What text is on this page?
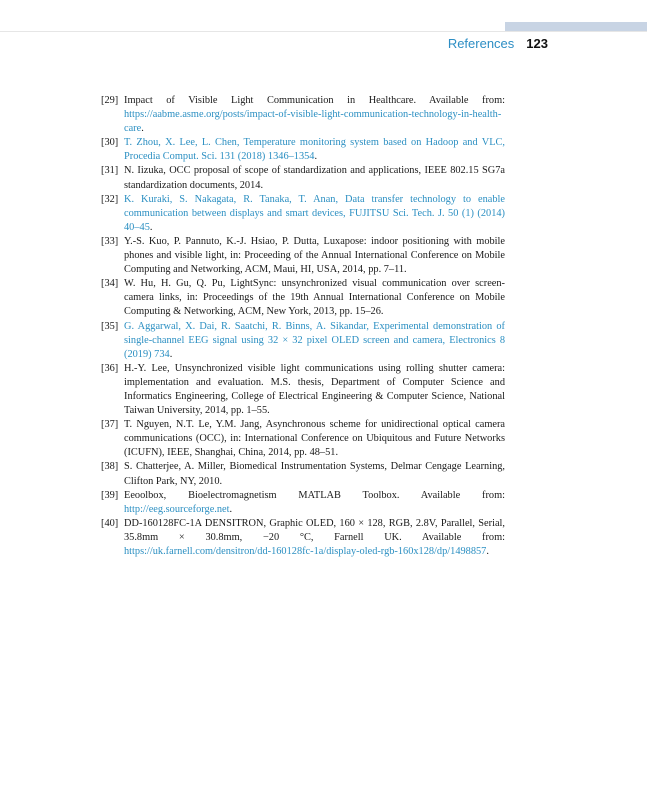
References 123
[29] Impact of Visible Light Communication in Healthcare. Available from: https://aabme.asme.org/posts/impact-of-visible-light-communication-technology-in-health-care.
[30] T. Zhou, X. Lee, L. Chen, Temperature monitoring system based on Hadoop and VLC, Procedia Comput. Sci. 131 (2018) 1346–1354.
[31] N. Iizuka, OCC proposal of scope of standardization and applications, IEEE 802.15 SG7a standardization documents, 2014.
[32] K. Kuraki, S. Nakagata, R. Tanaka, T. Anan, Data transfer technology to enable communication between displays and smart devices, FUJITSU Sci. Tech. J. 50 (1) (2014) 40–45.
[33] Y.-S. Kuo, P. Pannuto, K.-J. Hsiao, P. Dutta, Luxapose: indoor positioning with mobile phones and visible light, in: Proceeding of the Annual International Conference on Mobile Computing and Networking, ACM, Maui, HI, USA, 2014, pp. 7–11.
[34] W. Hu, H. Gu, Q. Pu, LightSync: unsynchronized visual communication over screen-camera links, in: Proceedings of the 19th Annual International Conference on Mobile Computing & Networking, ACM, New York, 2013, pp. 15–26.
[35] G. Aggarwal, X. Dai, R. Saatchi, R. Binns, A. Sikandar, Experimental demonstration of single-channel EEG signal using 32 × 32 pixel OLED screen and camera, Electronics 8 (2019) 734.
[36] H.-Y. Lee, Unsynchronized visible light communications using rolling shutter camera: implementation and evaluation. M.S. thesis, Department of Computer Science and Informatics Engineering, College of Electrical Engineering & Computer Science, National Taiwan University, 2014, pp. 1–55.
[37] T. Nguyen, N.T. Le, Y.M. Jang, Asynchronous scheme for unidirectional optical camera communications (OCC), in: International Conference on Ubiquitous and Future Networks (ICUFN), IEEE, Shanghai, China, 2014, pp. 48–51.
[38] S. Chatterjee, A. Miller, Biomedical Instrumentation Systems, Delmar Cengage Learning, Clifton Park, NY, 2010.
[39] Eeoolbox, Bioelectromagnetism MATLAB Toolbox. Available from: http://eeg.sourceforge.net.
[40] DD-160128FC-1A DENSITRON, Graphic OLED, 160 × 128, RGB, 2.8V, Parallel, Serial, 35.8mm × 30.8mm, −20 °C, Farnell UK. Available from: https://uk.farnell.com/densitron/dd-160128fc-1a/display-oled-rgb-160x128/dp/1498857.
